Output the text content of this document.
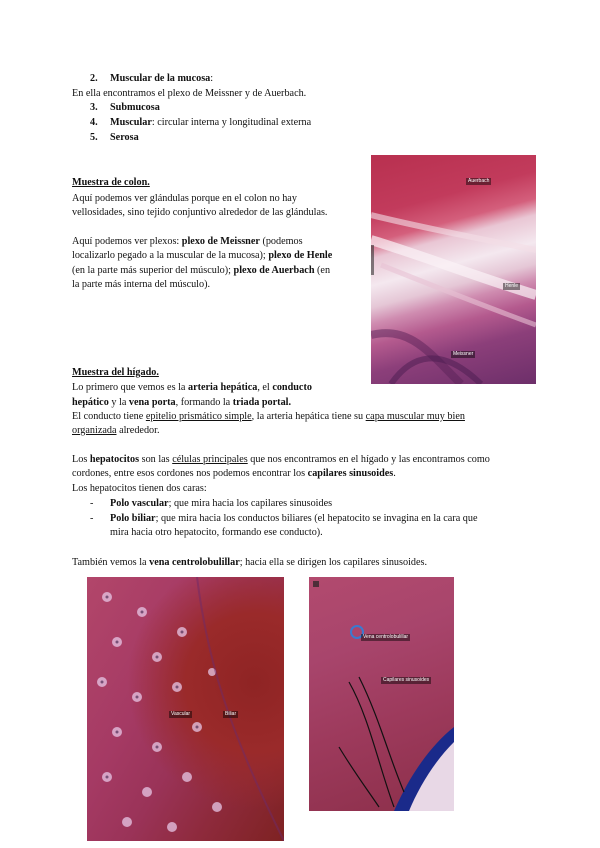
2.	Muscular de la mucosa:

En ella encontramos el plexo de Meissner y de Auerbach.

3.	Submucosa
4.	Muscular: circular interna y longitudinal externa
5.	Serosa

Muestra de colon.

Aquí podemos ver glándulas porque en el colon no hay

vellosidades, sino tejido conjuntivo alrededor de las glándulas.

Aquí podemos ver plexos: plexo de Meissner (podemos

localizarlo pegado a la muscular de la mucosa); plexo de Henle

(en la parte más superior del músculo); plexo de Auerbach (en

la parte más interna del músculo).

Auerbach
Henle
Meissner

Muestra del hígado.

Lo primero que vemos es la arteria hepática, el conducto

hepático y la vena porta, formando la triada portal.

El conducto tiene epitelio prismático simple, la arteria hepática tiene su capa muscular muy bien

organizada alrededor.

Los hepatocitos son las células principales que nos encontramos en el hígado y las encontramos como

cordones, entre esos cordones nos podemos encontrar los capilares sinusoides.

Los hepatocitos tienen dos caras:

- Polo vascular; que mira hacia los capilares sinusoides
- Polo biliar; que mira hacia los conductos biliares (el hepatocito se invagina en la cara que
mira hacia otro hepatocito, formando ese conducto).

También vemos la vena centrolobulillar; hacia ella se dirigen los capilares sinusoides.

Vascular	Biliar
Vena centrolobulillar
Capilares sinusoides
